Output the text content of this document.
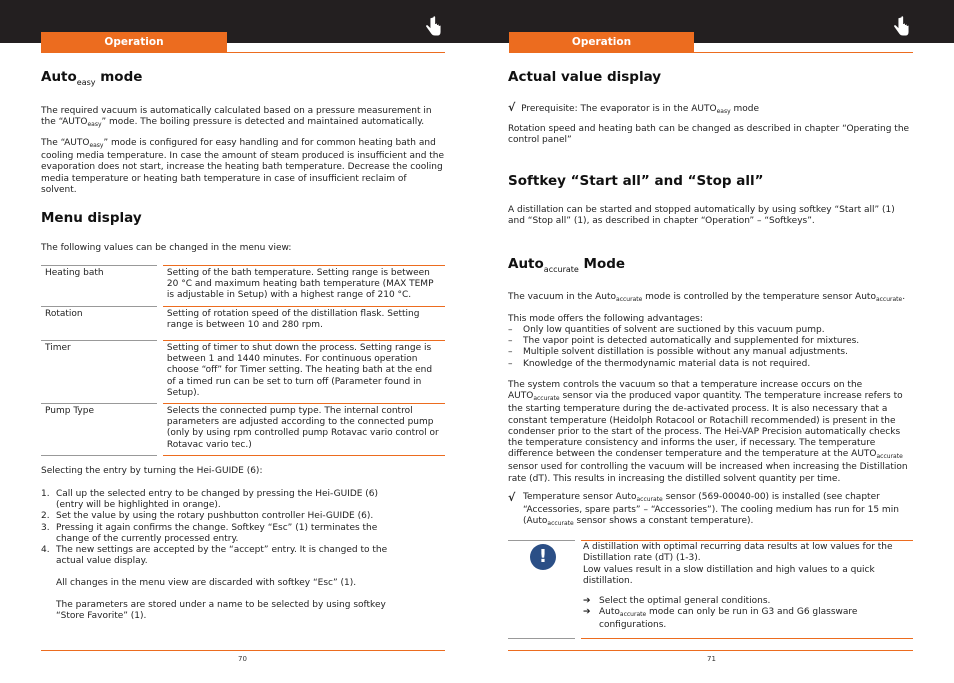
Operation	Operation
Auto$_{easy}$ mode
The required vacuum is automatically calculated based on a pressure measurement in
the “$AUTO_{easy}$” mode. The boiling pressure is detected and maintained automatically.
The “$AUTO_{easy}$” mode is configured for easy handling and for common heating bath and cooling media temperature. In case the amount of steam produced is insufficient and the evaporation does not start, increase the heating bath temperature. Decrease the cooling media temperature or heating bath temperature in case of insufficient reclaim of solvent.
Menu display
The following values can be changed in the menu view:
Heating bath		Setting of the bath temperature. Setting range is between 20 °C and maximum heating bath temperature (MAX TEMP is adjustable in Setup) with a highest range of 210 °C.
Rotation		Setting of rotation speed of the distillation flask. Setting range is between 10 and 280 rpm.
Timer		Setting of timer to shut down the process. Setting range is between 1 and 1440 minutes. For continuous operation choose “off” for Timer setting. The heating bath at the end of a timed run can be set to turn off (Parameter found in Setup).
Pump Type		Selects the connected pump type. The internal control parameters are adjusted according to the connected pump (only by using rpm controlled pump Rotavac vario control or Rotavac vario tec.)
Selecting the entry by turning the Hei-GUIDE (6):
1. Call up the selected entry to be changed by pressing the Hei-GUIDE (6) (entry will be highlighted in orange).
2. Set the value by using the rotary pushbutton controller Hei-GUIDE (6).
3. Pressing it again confirms the change. Softkey “Esc” (1) terminates the change of the currently processed entry.
4. The new settings are accepted by the “accept” entry. It is changed to the actual value display.
All changes in the menu view are discarded with softkey “Esc” (1).
The parameters are stored under a name to be selected by using softkey “Store Favorite” (1).
70
Actual value display
√ Prerequisite: The evaporator is in the $AUTO_{easy}$ mode
Rotation speed and heating bath can be changed as described in chapter “Operating the control panel”
Softkey “Start all” and “Stop all”
A distillation can be started and stopped automatically by using softkey “Start all” (1) and “Stop all” (1), as described in chapter “Operation” – “Softkeys”.
Auto$_{accurate}$ Mode
The vacuum in the Auto$_{accurate}$ mode is controlled by the temperature sensor Auto$_{accurate}$.
This mode offers the following advantages:
– Only low quantities of solvent are suctioned by this vacuum pump.
– The vapor point is detected automatically and supplemented for mixtures.
– Multiple solvent distillation is possible without any manual adjustments.
– Knowledge of the thermodynamic material data is not required.
The system controls the vacuum so that a temperature increase occurs on the $AUTO_{accurate}$ sensor via the produced vapor quantity. The temperature increase refers to the starting temperature during the de-activated process. It is also necessary that a constant temperature (Heidolph Rotacool or Rotachill recommended) is present in the condenser prior to the start of the process. The Hei-VAP Precision automatically checks the temperature consistency and informs the user, if necessary. The temperature difference between the condenser temperature and the temperature at the $AUTO_{accurate}$ sensor used for controlling the vacuum will be increased when increasing the Distillation rate (dT). This results in increasing the distilled solvent quantity per time.
√ Temperature sensor Auto$_{accurate}$ sensor (569-00040-00) is installed (see chapter “Accessories, spare parts” – “Accessories”). The cooling medium has run for 15 min (Auto$_{accurate}$ sensor shows a constant temperature).
!
A distillation with optimal recurring data results at low values for the Distillation rate (dT) (1-3).
Low values result in a slow distillation and high values to a quick distillation.
➔ Select the optimal general conditions.
➔ Auto$_{accurate}$ mode can only be run in G3 and G6 glassware configurations.
71
